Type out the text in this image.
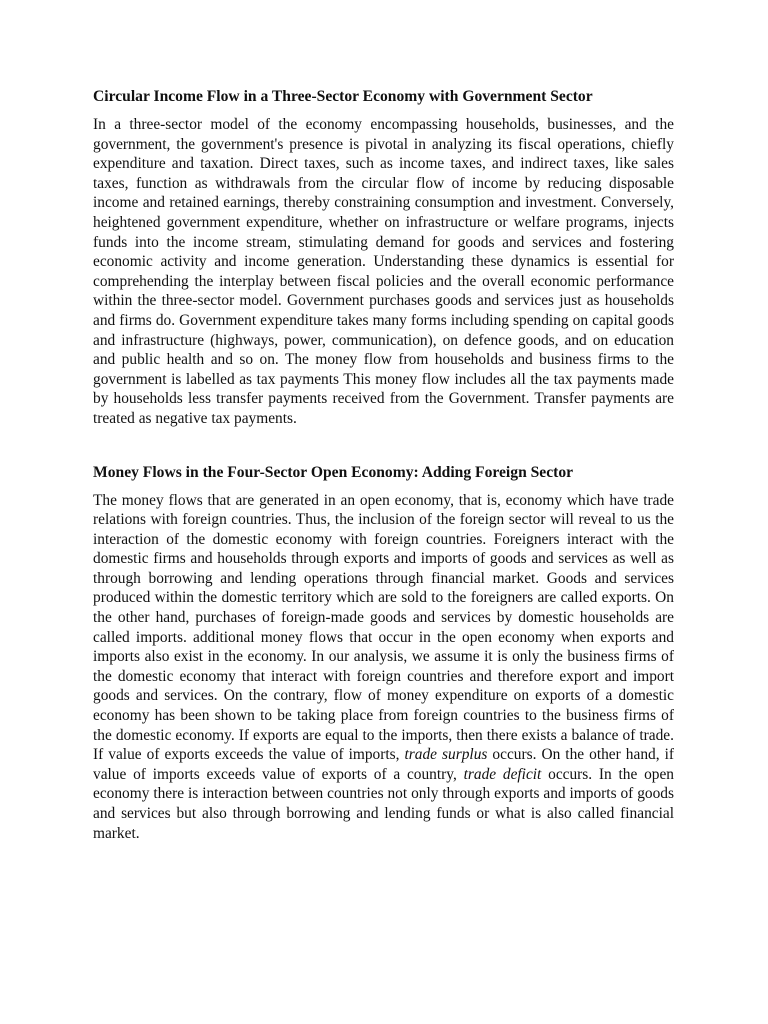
Circular Income Flow in a Three-Sector Economy with Government Sector

In a three-sector model of the economy encompassing households, businesses, and the government, the government's presence is pivotal in analyzing its fiscal operations, chiefly expenditure and taxation. Direct taxes, such as income taxes, and indirect taxes, like sales taxes, function as withdrawals from the circular flow of income by reducing disposable income and retained earnings, thereby constraining consumption and investment. Conversely, heightened government expenditure, whether on infrastructure or welfare programs, injects funds into the income stream, stimulating demand for goods and services and fostering economic activity and income generation. Understanding these dynamics is essential for comprehending the interplay between fiscal policies and the overall economic performance within the three-sector model. Government purchases goods and services just as households and firms do. Government expenditure takes many forms including spending on capital goods and infrastructure (highways, power, communication), on defence goods, and on education and public health and so on. The money flow from households and business firms to the government is labelled as tax payments This money flow includes all the tax payments made by households less transfer payments received from the Government. Transfer payments are treated as negative tax payments.

Money Flows in the Four-Sector Open Economy: Adding Foreign Sector

The money flows that are generated in an open economy, that is, economy which have trade relations with foreign countries. Thus, the inclusion of the foreign sector will reveal to us the interaction of the domestic economy with foreign countries. Foreigners interact with the domestic firms and households through exports and imports of goods and services as well as through borrowing and lending operations through financial market. Goods and services produced within the domestic territory which are sold to the foreigners are called exports. On the other hand, purchases of foreign-made goods and services by domestic households are called imports. additional money flows that occur in the open economy when exports and imports also exist in the economy. In our analysis, we assume it is only the business firms of the domestic economy that interact with foreign countries and therefore export and import goods and services. On the contrary, flow of money expenditure on exports of a domestic economy has been shown to be taking place from foreign countries to the business firms of the domestic economy. If exports are equal to the imports, then there exists a balance of trade. If value of exports exceeds the value of imports, trade surplus occurs. On the other hand, if value of imports exceeds value of exports of a country, trade deficit occurs. In the open economy there is interaction between countries not only through exports and imports of goods and services but also through borrowing and lending funds or what is also called financial market.
